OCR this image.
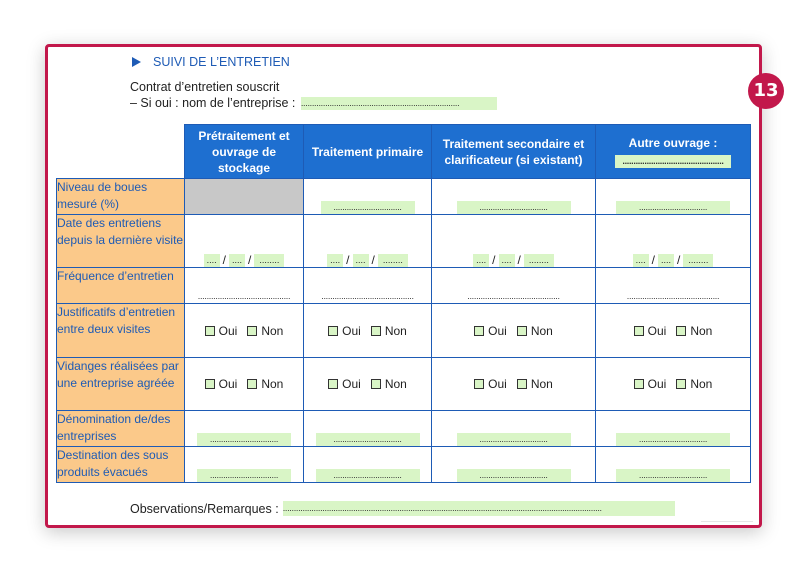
13
SUIVI DE L’ENTRETIEN
Contrat d’entretien souscrit
– Si oui : nom de l’entreprise : ........................................................................
	Prétraitement et ouvrage de stockage	Traitement primaire	Traitement secondaire et clarificateur (si existant)	Autre ouvrage :
..............................................
Niveau de boues mesuré (%)		...............................	...............................	...............................
Date des entretiens depuis la dernière visite	.... / .... / ........	.... / .... / ........	.... / .... / ........	.... / .... / ........
Fréquence d’entretien	..........................................	..........................................	..........................................	..........................................
Justificatifs d’entretien entre deux visites	Oui Non	Oui Non	Oui Non	Oui Non
Vidanges réalisées par une entreprise agréée	Oui Non	Oui Non	Oui Non	Oui Non
Dénomination de/des entreprises	...............................	...............................	...............................	...............................
Destination des sous produits évacués	...............................	...............................	...............................	...............................
Observations/Remarques : .................................................................................................................................................
